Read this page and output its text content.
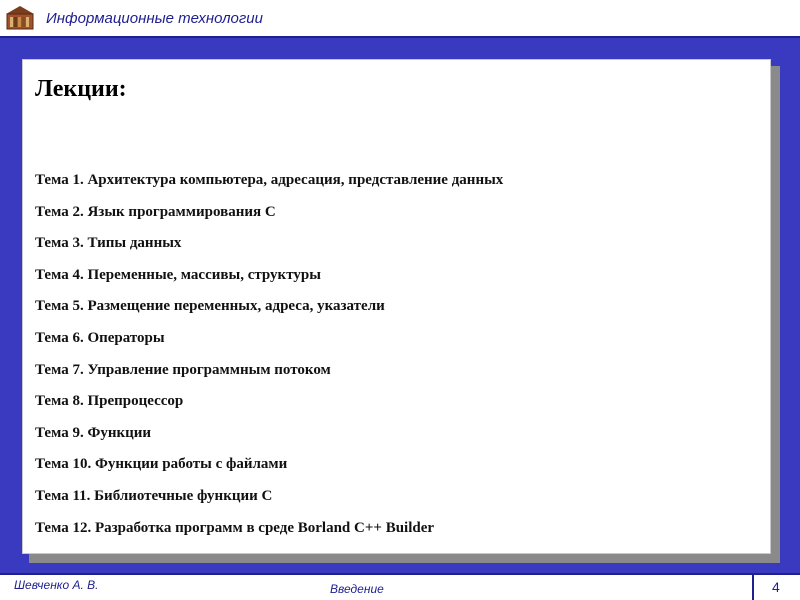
Информационные технологии
Лекции:
Тема 1. Архитектура компьютера, адресация, представление данных
Тема 2. Язык программирования С
Тема 3. Типы данных
Тема 4. Переменные, массивы, структуры
Тема 5. Размещение переменных, адреса, указатели
Тема 6. Операторы
Тема 7. Управление программным потоком
Тема 8. Препроцессор
Тема 9. Функции
Тема 10. Функции работы с файлами
Тема 11. Библиотечные функции С
Тема 12. Разработка программ в среде Borland C++ Builder
Шевченко А. В.	Введение	4
